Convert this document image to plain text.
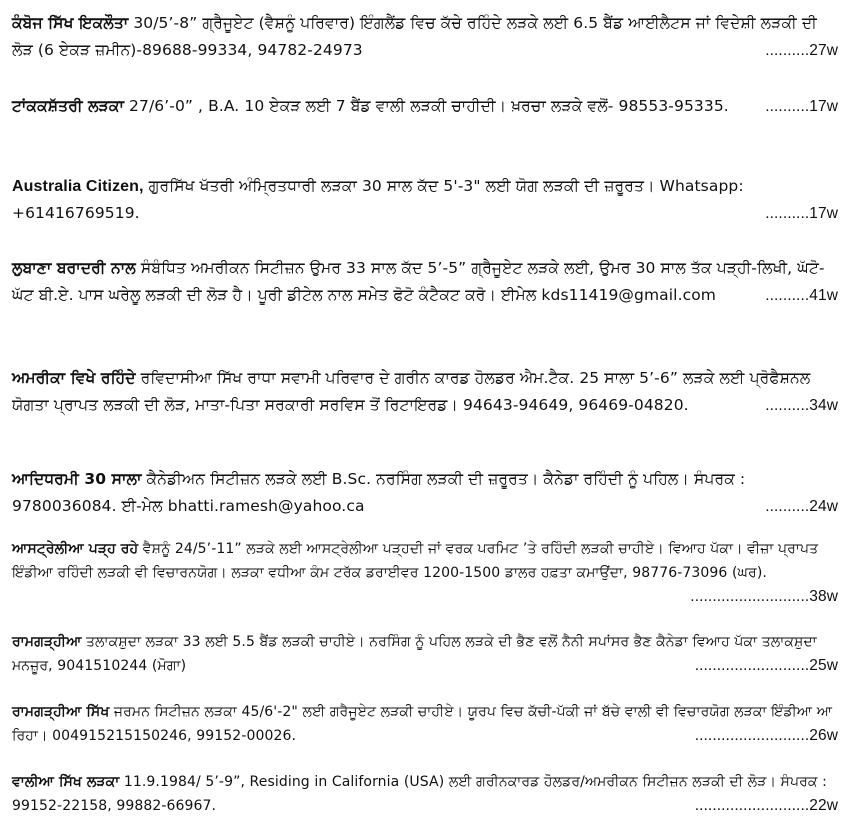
ਕੰਬੋਜ ਸਿੱਖ ਇਕਲੌਤਾ 30/5’-8” ਗ੍ਰੈਜੂਏਟ (ਵੈਸ਼ਨੂੰ ਪਰਿਵਾਰ) ਇੰਗਲੈਂਡ ਵਿਚ ਕੱਚੇ ਰਹਿੰਦੇ ਲੜਕੇ ਲਈ 6.5 ਬੈਂਡ ਆਈਲੈਟਸ ਜਾਂ ਵਿਦੇਸ਼ੀ ਲੜਕੀ ਦੀ ਲੋੜ (6 ਏਕੜ ਜ਼ਮੀਨ)-89688-99334, 94782-24973	..........27w
ਟਾਂਕਕਸ਼ੱਤਰੀ ਲੜਕਾ 27/6’-0” , B.A. 10 ਏਕੜ ਲਈ 7 ਬੈਂਡ ਵਾਲੀ ਲੜਕੀ ਚਾਹੀਦੀ। ਖ਼ਰਚਾ ਲੜਕੇ ਵਲੋਂ- 98553-95335. ..........17w
Australia Citizen, ਗੁਰਸਿੱਖ ਖੱਤਰੀ ਅੰਮ੍ਰਿਤਧਾਰੀ ਲੜਕਾ 30 ਸਾਲ ਕੱਦ 5'-3" ਲਈ ਯੋਗ ਲੜਕੀ ਦੀ ਜ਼ਰੂਰਤ। Whatsapp: +61416769519.	..........17w
ਲੁਬਾਣਾ ਬਰਾਦਰੀ ਨਾਲ ਸੰਬੰਧਿਤ ਅਮਰੀਕਨ ਸਿਟੀਜ਼ਨ ਉਮਰ 33 ਸਾਲ ਕੱਦ 5’-5” ਗ੍ਰੈਜੂਏਟ ਲੜਕੇ ਲਈ, ਉਮਰ 30 ਸਾਲ ਤੱਕ ਪੜ੍ਹੀ-ਲਿਖੀ, ਘੱਟੋ-ਘੱਟ ਬੀ.ਏ. ਪਾਸ ਘਰੇਲੂ ਲੜਕੀ ਦੀ ਲੋੜ ਹੈ। ਪੂਰੀ ਡੀਟੇਲ ਨਾਲ ਸਮੇਤ ਫੋਟੋ ਕੰਟੈਕਟ ਕਰੋ। ਈਮੇਲ kds11419@gmail.com	..........41w
ਅਮਰੀਕਾ ਵਿਖੇ ਰਹਿੰਦੇ ਰਵਿਦਾਸੀਆ ਸਿੱਖ ਰਾਧਾ ਸਵਾਮੀ ਪਰਿਵਾਰ ਦੇ ਗਰੀਨ ਕਾਰਡ ਹੋਲਡਰ ਐਮ.ਟੈਕ. 25 ਸਾਲਾ 5’-6” ਲੜਕੇ ਲਈ ਪ੍ਰੋਫੈਸ਼ਨਲ ਯੋਗਤਾ ਪ੍ਰਾਪਤ ਲੜਕੀ ਦੀ ਲੋੜ, ਮਾਤਾ-ਪਿਤਾ ਸਰਕਾਰੀ ਸਰਵਿਸ ਤੋਂ ਰਿਟਾਇਰਡ। 94643-94649, 96469-04820.	..........34w
ਆਦਿਧਰਮੀ 30 ਸਾਲਾ ਕੈਨੇਡੀਅਨ ਸਿਟੀਜ਼ਨ ਲੜਕੇ ਲਈ B.Sc. ਨਰਸਿੰਗ ਲੜਕੀ ਦੀ ਜ਼ਰੂਰਤ। ਕੈਨੇਡਾ ਰਹਿੰਦੀ ਨੂੰ ਪਹਿਲ। ਸੰਪਰਕ : 9780036084. ਈ-ਮੇਲ bhatti.ramesh@yahoo.ca	..........24w
ਆਸਟ੍ਰੇਲੀਆ ਪੜ੍ਹ ਰਹੇ ਵੈਸ਼ਨੂੰ 24/5’-11” ਲੜਕੇ ਲਈ ਆਸਟ੍ਰੇਲੀਆ ਪੜ੍ਹਦੀ ਜਾਂ ਵਰਕ ਪਰਮਿਟ ’ਤੇ ਰਹਿੰਦੀ ਲੜਕੀ ਚਾਹੀਏ। ਵਿਆਹ ਪੱਕਾ। ਵੀਜ਼ਾ ਪ੍ਰਾਪਤ ਇੰਡੀਆ ਰਹਿੰਦੀ ਲੜਕੀ ਵੀ ਵਿਚਾਰਨਯੋਗ। ਲੜਕਾ ਵਧੀਆ ਕੰਮ ਟਰੱਕ ਡਰਾਈਵਰ 1200-1500 ਡਾਲਰ ਹਫ਼ਤਾ ਕਮਾਉਂਦਾ, 98776-73096 (ਘਰ).
...........................38w
ਰਾਮਗੜ੍ਹੀਆ ਤਲਾਕਸ਼ੁਦਾ ਲੜਕਾ 33 ਲਈ 5.5 ਬੈਂਡ ਲੜਕੀ ਚਾਹੀਏ। ਨਰਸਿੰਗ ਨੂੰ ਪਹਿਲ ਲੜਕੇ ਦੀ ਭੈਣ ਵਲੋਂ ਨੈਨੀ ਸਪਾਂਸਰ ਭੈਣ ਕੈਨੇਡਾ ਵਿਆਹ ਪੱਕਾ ਤਲਾਕਸ਼ੁਦਾ ਮਨਜ਼ੂਰ, 9041510244 (ਮੋਗਾ)	..........................25w
ਰਾਮਗੜ੍ਹੀਆ ਸਿੱਖ ਜਰਮਨ ਸਿਟੀਜ਼ਨ ਲੜਕਾ 45/6'-2" ਲਈ ਗਰੈਜੂਏਟ ਲੜਕੀ ਚਾਹੀਏ। ਯੂਰਪ ਵਿਚ ਕੱਚੀ-ਪੱਕੀ ਜਾਂ ਬੱਚੇ ਵਾਲੀ ਵੀ ਵਿਚਾਰਯੋਗ ਲੜਕਾ ਇੰਡੀਆ ਆ ਰਿਹਾ। 004915215150246, 99152-00026.	..........................26w
ਵਾਲੀਆ ਸਿੱਖ ਲੜਕਾ 11.9.1984/ 5’-9”, Residing in California (USA) ਲਈ ਗਰੀਨਕਾਰਡ ਹੋਲਡਰ/ਅਮਰੀਕਨ ਸਿਟੀਜ਼ਨ ਲੜਕੀ ਦੀ ਲੋੜ। ਸੰਪਰਕ : 99152-22158, 99882-66967.	..........................22w
